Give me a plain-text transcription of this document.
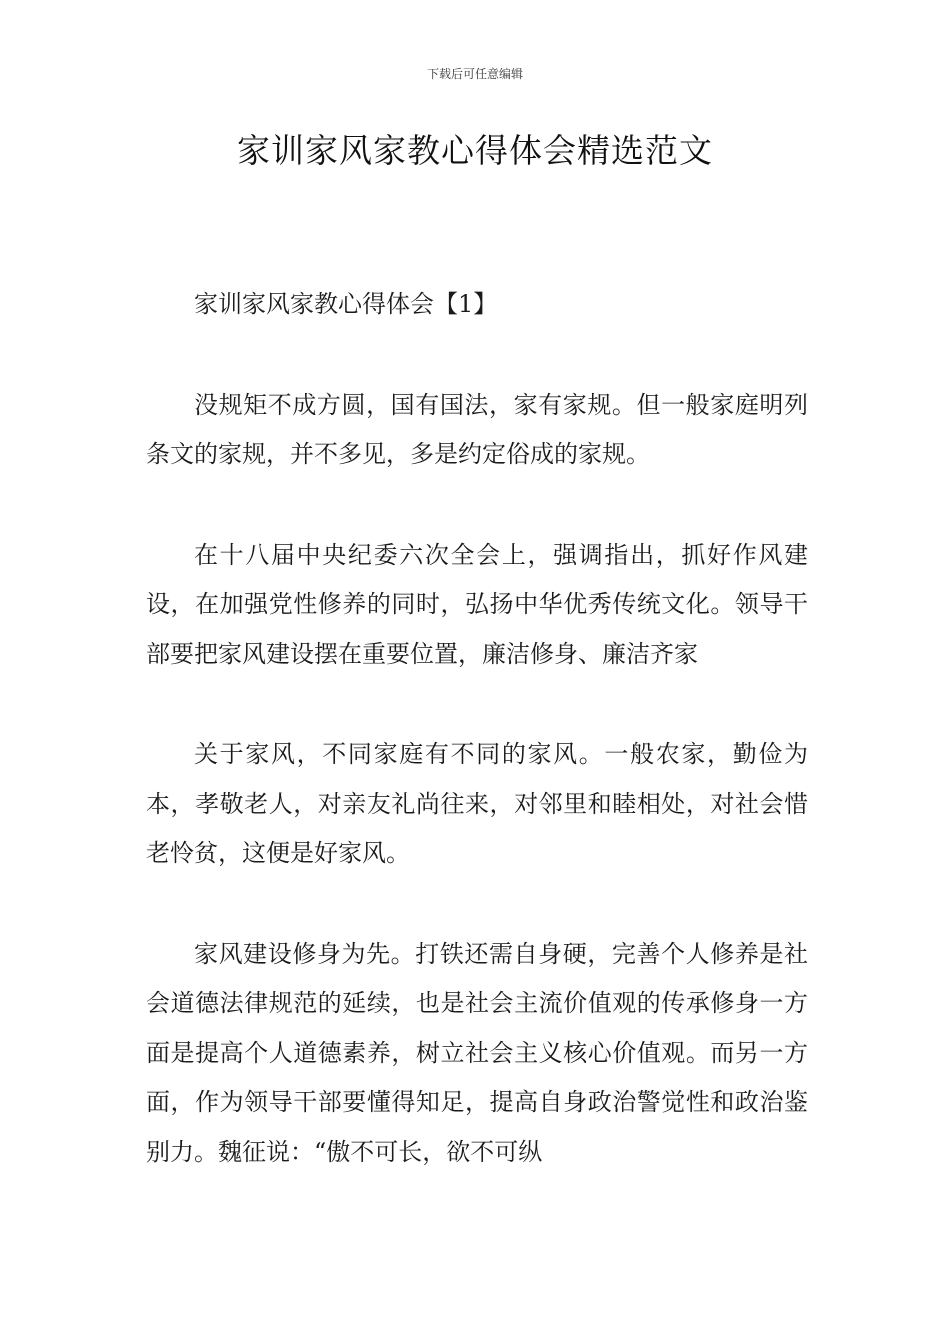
下载后可任意编辑
家训家风家教心得体会精选范文

家训家风家教心得体会【1】

没规矩不成方圆，国有国法，家有家规。但一般家庭明列条文的家规，并不多见，多是约定俗成的家规。

在十八届中央纪委六次全会上，强调指出，抓好作风建设，在加强党性修养的同时，弘扬中华优秀传统文化。领导干部要把家风建设摆在重要位置，廉洁修身、廉洁齐家

关于家风，不同家庭有不同的家风。一般农家，勤俭为本，孝敬老人，对亲友礼尚往来，对邻里和睦相处，对社会惜老怜贫，这便是好家风。

家风建设修身为先。打铁还需自身硬，完善个人修养是社会道德法律规范的延续，也是社会主流价值观的传承修身一方面是提高个人道德素养，树立社会主义核心价值观。而另一方面，作为领导干部要懂得知足，提高自身政治警觉性和政治鉴别力。魏征说：“傲不可长，欲不可纵
